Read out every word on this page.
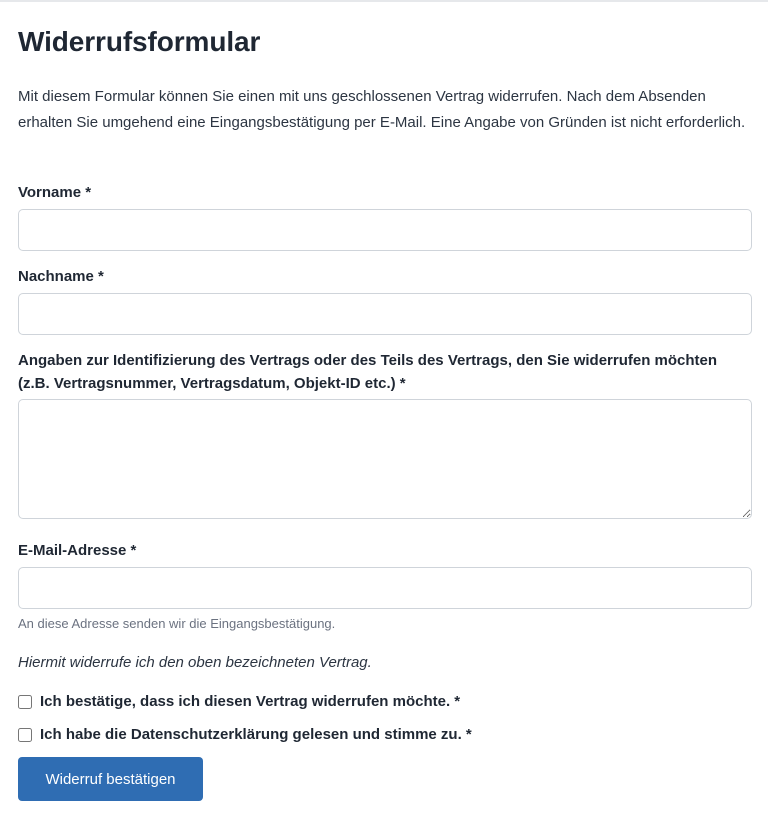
Widerrufsformular

Mit diesem Formular können Sie einen mit uns geschlossenen Vertrag widerrufen. Nach dem Absenden erhalten Sie umgehend eine Eingangsbestätigung per E-Mail. Eine Angabe von Gründen ist nicht erforderlich.

Vorname *
Nachname *
Angaben zur Identifizierung des Vertrags oder des Teils des Vertrags, den Sie widerrufen möchten
(z.B. Vertragsnummer, Vertragsdatum, Objekt-ID etc.) *
E-Mail-Adresse *

An diese Adresse senden wir die Eingangsbestätigung.

Hiermit widerrufe ich den oben bezeichneten Vertrag.

Ich bestätige, dass ich diesen Vertrag widerrufen möchte. *
Ich habe die Datenschutzerklärung gelesen und stimme zu. *
Widerruf bestätigen
